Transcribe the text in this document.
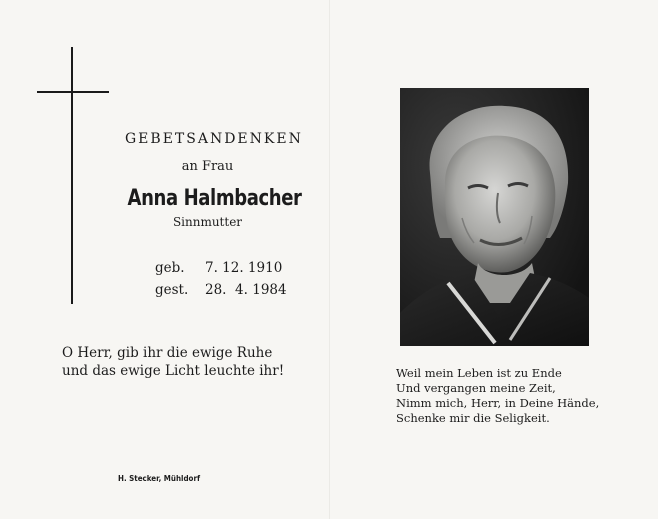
GEBETSANDENKEN
an Frau
Anna Halmbacher
Sinnmutter
geb.	7. 12. 1910
gest.	28.  4. 1984
O Herr, gib ihr die ewige Ruhe
und das ewige Licht leuchte ihr!
H. Stecker, Mühldorf
Weil mein Leben ist zu Ende
Und vergangen meine Zeit,
Nimm mich, Herr, in Deine Hände,
Schenke mir die Seligkeit.
